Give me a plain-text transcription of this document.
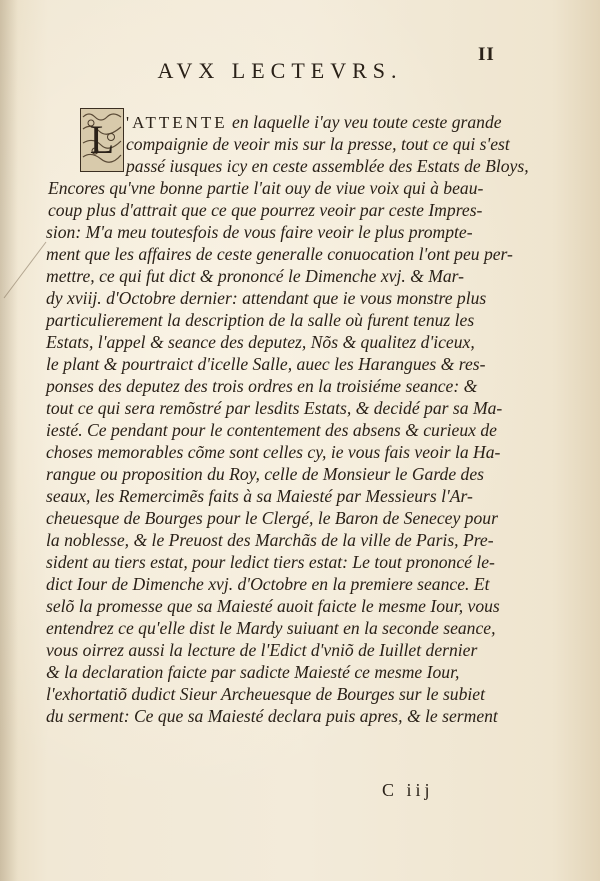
II
AVX LECTEVRS.
L 'ATTENTE en laquelle i'ay veu toute ceste grande
compaignie de veoir mis sur la presse, tout ce qui s'est
passé iusques icy en ceste assemblée des Estats de Bloys,
Encores qu'vne bonne partie l'ait ouy de viue voix qui à beau-
coup plus d'attrait que ce que pourrez veoir par ceste Impres-
sion: M'a meu toutesfois de vous faire veoir le plus prompte-
ment que les affaires de ceste generalle conuocation l'ont peu per-
mettre, ce qui fut dict & prononcé le Dimenche xvj. & Mar-
dy xviij. d'Octobre dernier: attendant que ie vous monstre plus
particulierement la description de la salle où furent tenuz les
Estats, l'appel & seance des deputez, Nõs & qualitez d'iceux,
le plant & pourtraict d'icelle Salle, auec les Harangues & res-
ponses des deputez des trois ordres en la troisiéme seance: &
tout ce qui sera remõstré par lesdits Estats, & decidé par sa Ma-
iesté. Ce pendant pour le contentement des absens & curieux de
choses memorables cõme sont celles cy, ie vous fais veoir la Ha-
rangue ou proposition du Roy, celle de Monsieur le Garde des
seaux, les Remercimẽs faits à sa Maiesté par Messieurs l'Ar-
cheuesque de Bourges pour le Clergé, le Baron de Senecey pour
la noblesse, & le Preuost des Marchãs de la ville de Paris, Pre-
sident au tiers estat, pour ledict tiers estat: Le tout prononcé le-
dict Iour de Dimenche xvj. d'Octobre en la premiere seance. Et
selõ la promesse que sa Maiesté auoit faicte le mesme Iour, vous
entendrez ce qu'elle dist le Mardy suiuant en la seconde seance,
vous oirrez aussi la lecture de l'Edict d'vniõ de Iuillet dernier
& la declaration faicte par sadicte Maiesté ce mesme Iour,
l'exhortatiõ dudict Sieur Archeuesque de Bourges sur le subiet
du serment: Ce que sa Maiesté declara puis apres, & le serment
C iij
